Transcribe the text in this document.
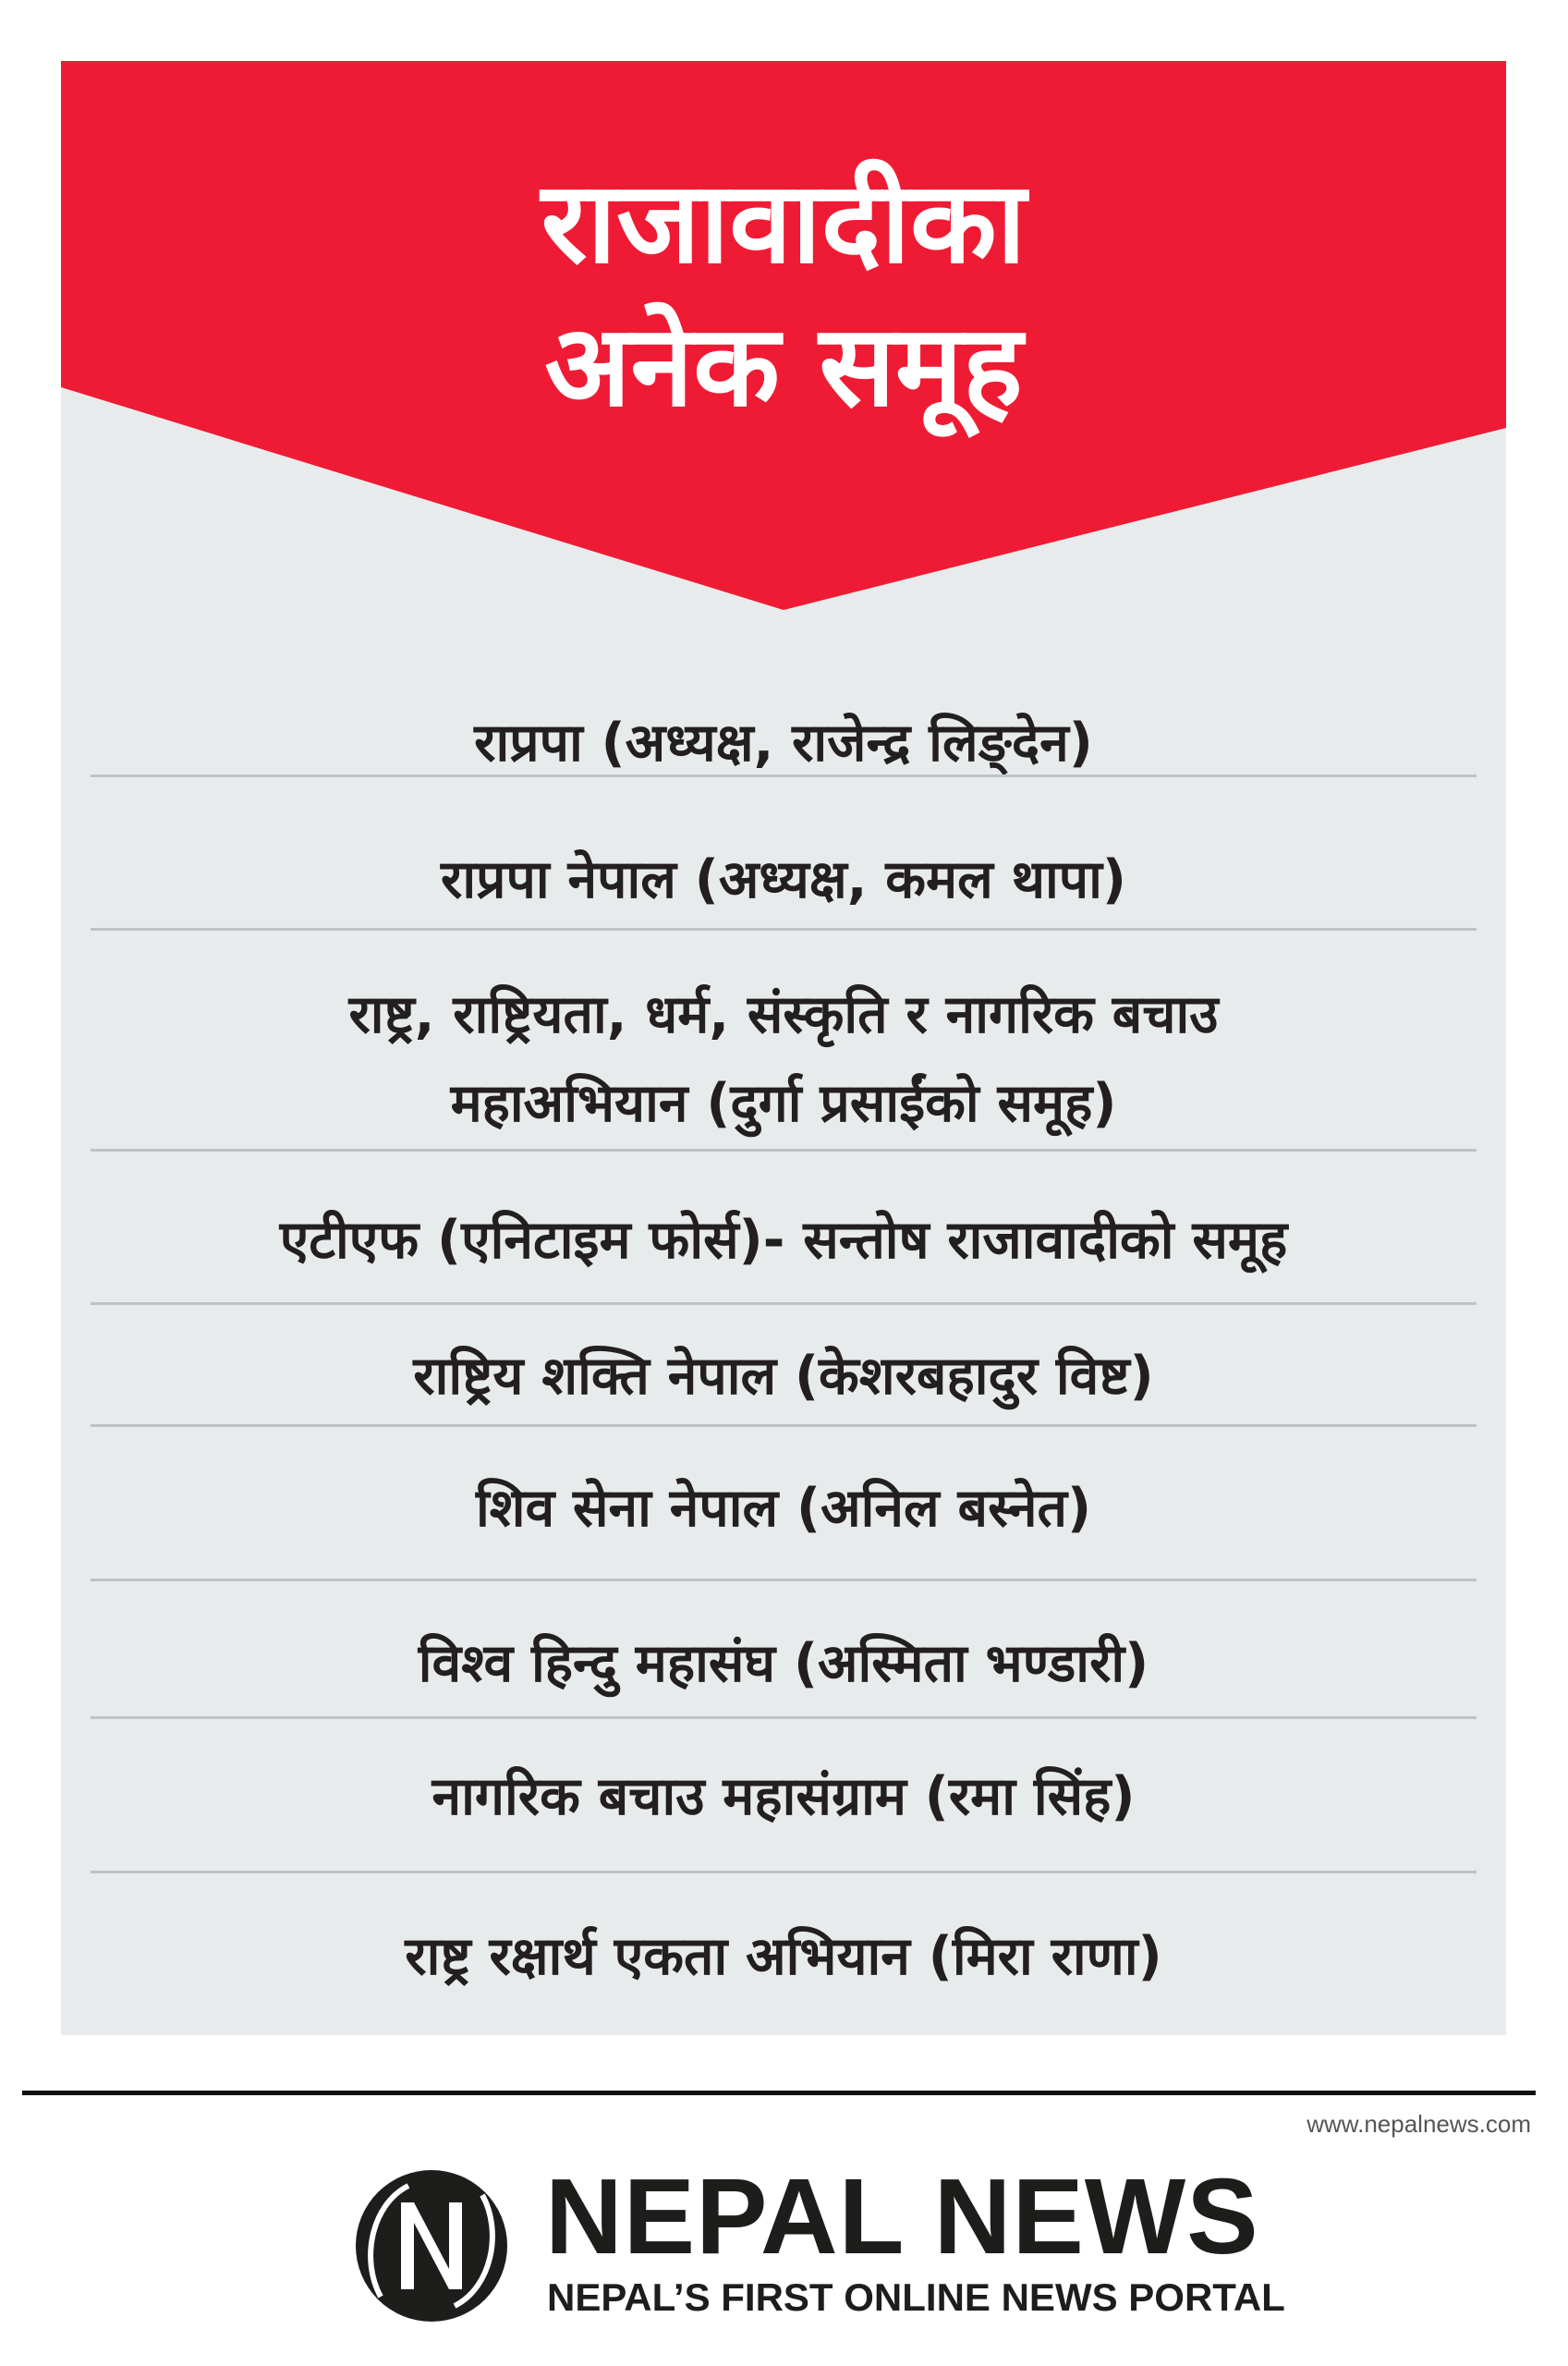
राजावादीका
अनेक समूह
राप्रपा (अध्यक्ष, राजेन्द्र लिङ्देन)
राप्रपा नेपाल (अध्यक्ष, कमल थापा)
राष्ट्र, राष्ट्रियता, धर्म, संस्कृति र नागरिक बचाउ
महाअभियान (दुर्गा प्रसाईंको समूह)
एटीएफ (एनिटाइम फोर्स)- सन्तोष राजावादीको समूह
राष्ट्रिय शक्ति नेपाल (केशरबहादुर विष्ट)
शिव सेना नेपाल (अनिल बस्नेत)
विश्व हिन्दु महासंघ (अस्मिता भण्डारी)
नागरिक बचाउ महासंग्राम (रमा सिंह)
राष्ट्र रक्षार्थ एकता अभियान (मिरा राणा)
www.nepalnews.com
NEPAL NEWS
NEPAL’S FIRST ONLINE NEWS PORTAL
